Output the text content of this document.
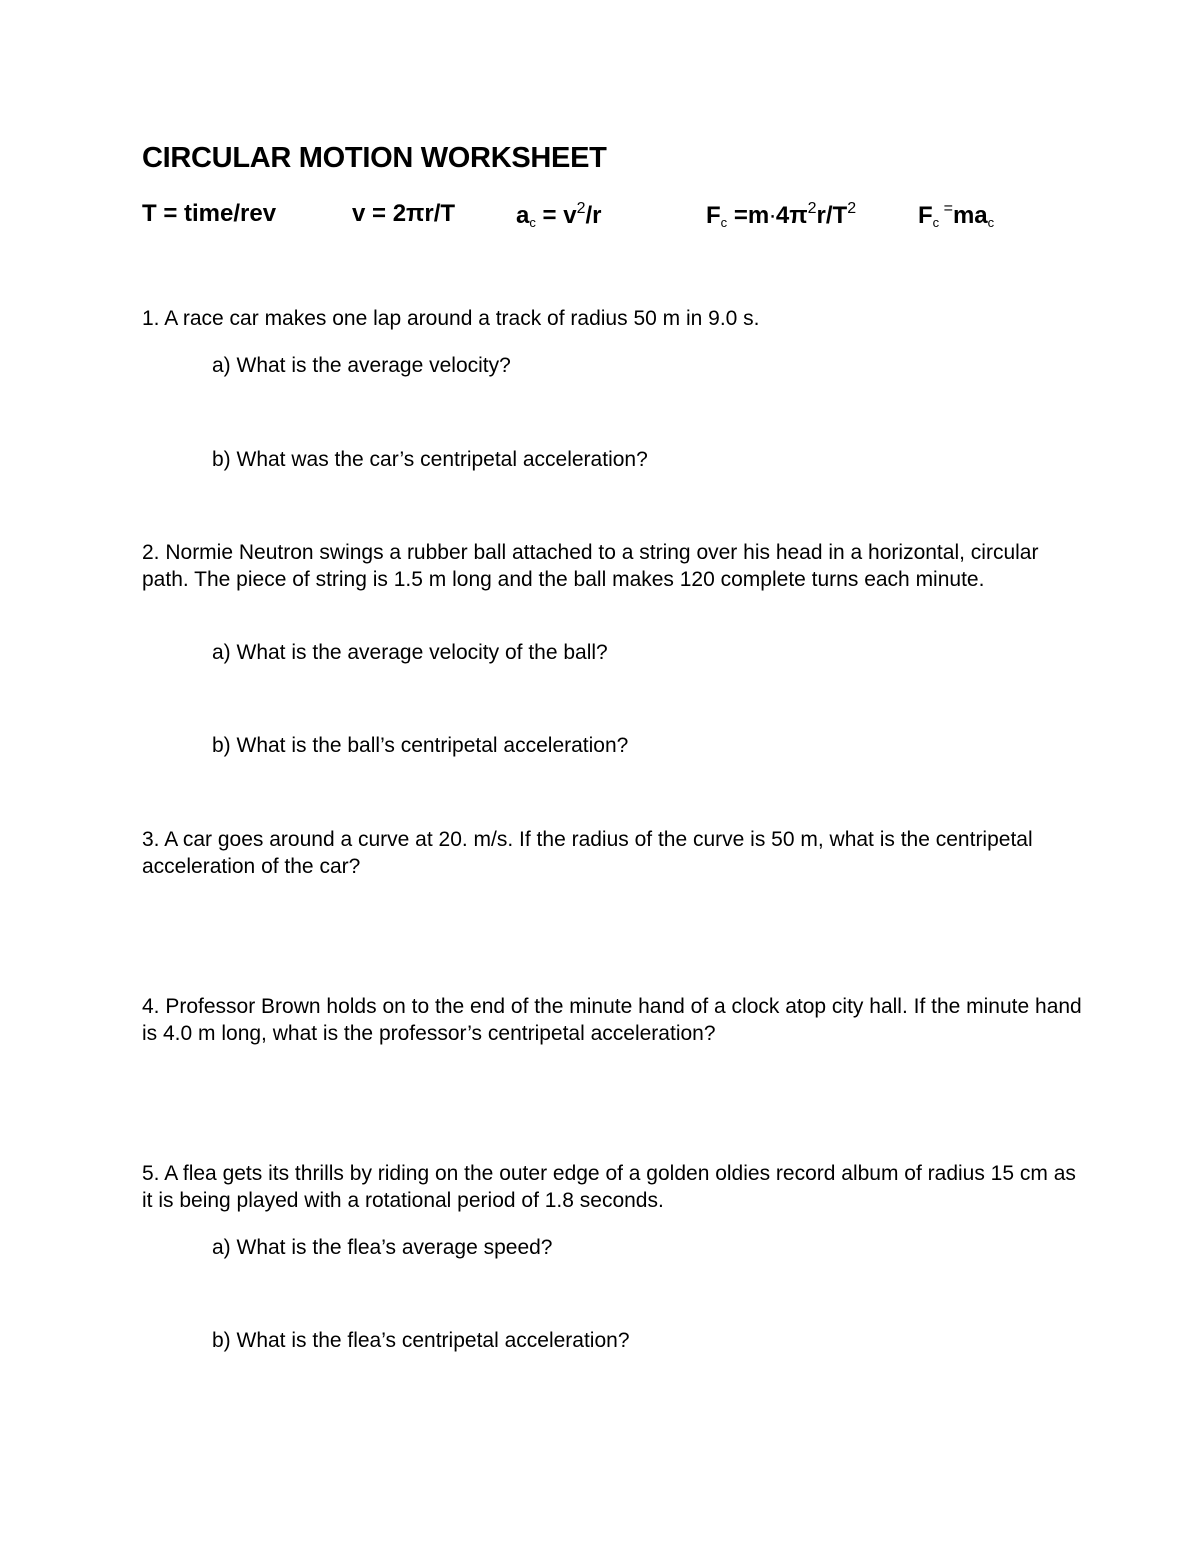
CIRCULAR MOTION WORKSHEET
T = time/rev	v = 2πr/T	$a_c = v^2/r$	$F_c =m\cdot 4\pi^2r/T^2$	$F_c$ $^=ma_c$
1. A race car makes one lap around a track of radius 50 m in 9.0 s.
a) What is the average velocity?
b) What was the car’s centripetal acceleration?
2. Normie Neutron swings a rubber ball attached to a string over his head in a horizontal, circular path. The piece of string is 1.5 m long and the ball makes 120 complete turns each minute.
a) What is the average velocity of the ball?
b) What is the ball’s centripetal acceleration?
3. A car goes around a curve at 20. m/s. If the radius of the curve is 50 m, what is the centripetal acceleration of the car?
4. Professor Brown holds on to the end of the minute hand of a clock atop city hall. If the minute hand is 4.0 m long, what is the professor’s centripetal acceleration?
5. A flea gets its thrills by riding on the outer edge of a golden oldies record album of radius 15 cm as it is being played with a rotational period of 1.8 seconds.
a) What is the flea’s average speed?
b) What is the flea’s centripetal acceleration?
